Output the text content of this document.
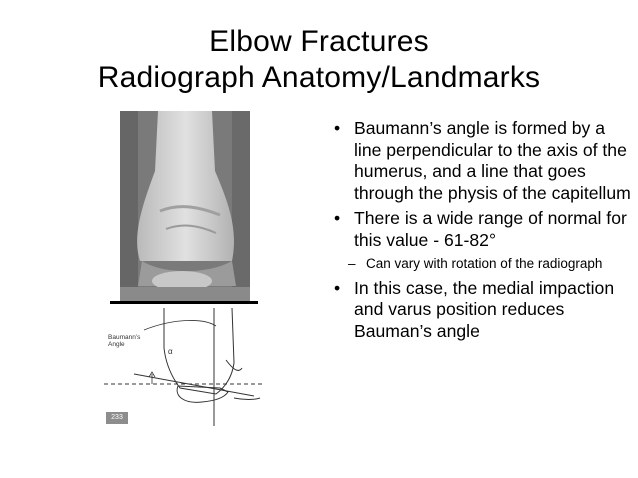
Elbow Fractures
Radiograph Anatomy/Landmarks
Baumann’s
Angle
α
233
• Baumann’s angle is formed by a line perpendicular to the axis of the humerus, and a line that goes through the physis of the capitellum
• There is a wide range of normal for this value - 61-82°
– Can vary with rotation of the radiograph
• In this case, the medial impaction and varus position reduces Bauman’s angle
